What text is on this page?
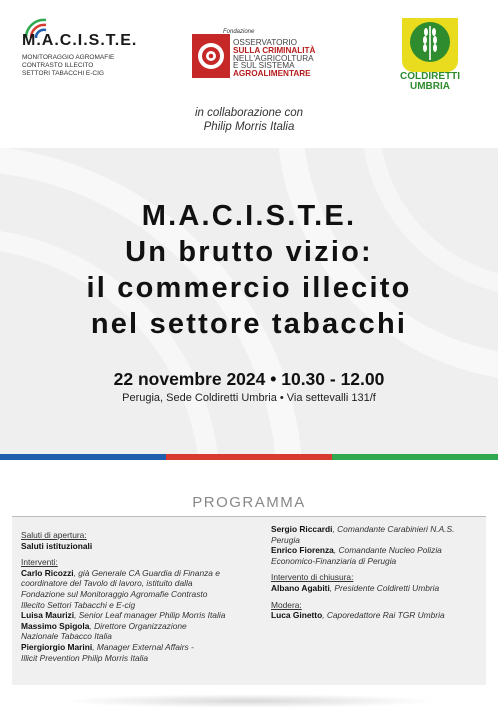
M.A.C.I.S.T.E.
MONITORAGGIO AGROMAFIE
CONTRASTO ILLECITO
SETTORI TABACCHI E-CIG
Fondazione
OSSERVATORIO
SULLA CRIMINALITÀ
NELL'AGRICOLTURA
E SUL SISTEMA
AGROALIMENTARE	COLDIRETTI
UMBRIA
in collaborazione con
Philip Morris Italia
M.A.C.I.S.T.E.
Un brutto vizio:
il commercio illecito
nel settore tabacchi
22 novembre 2024 • 10.30 - 12.00
Perugia, Sede Coldiretti Umbria • Via settevalli 131/f
PROGRAMMA
Saluti di apertura:
Saluti istituzionali
Interventi:
Carlo Ricozzi, già Generale CA Guardia di Finanza e
coordinatore del Tavolo di lavoro, istituito dalla
Fondazione sul Monitoraggio Agromafie Contrasto
Illecito Settori Tabacchi e E-cig
Luisa Maurizi, Senior Leaf manager Philip Morris Italia
Massimo Spigola, Direttore Organizzazione
Nazionale Tabacco Italia
Piergiorgio Marini, Manager External Affairs -
Illicit Prevention Philip Morris Italia
Sergio Riccardi, Comandante Carabinieri N.A.S.
Perugia
Enrico Fiorenza, Comandante Nucleo Polizia
Economico-Finanziaria di Perugia
Intervento di chiusura:
Albano Agabiti, Presidente Coldiretti Umbria
Modera:
Luca Ginetto, Caporedattore Rai TGR Umbria
